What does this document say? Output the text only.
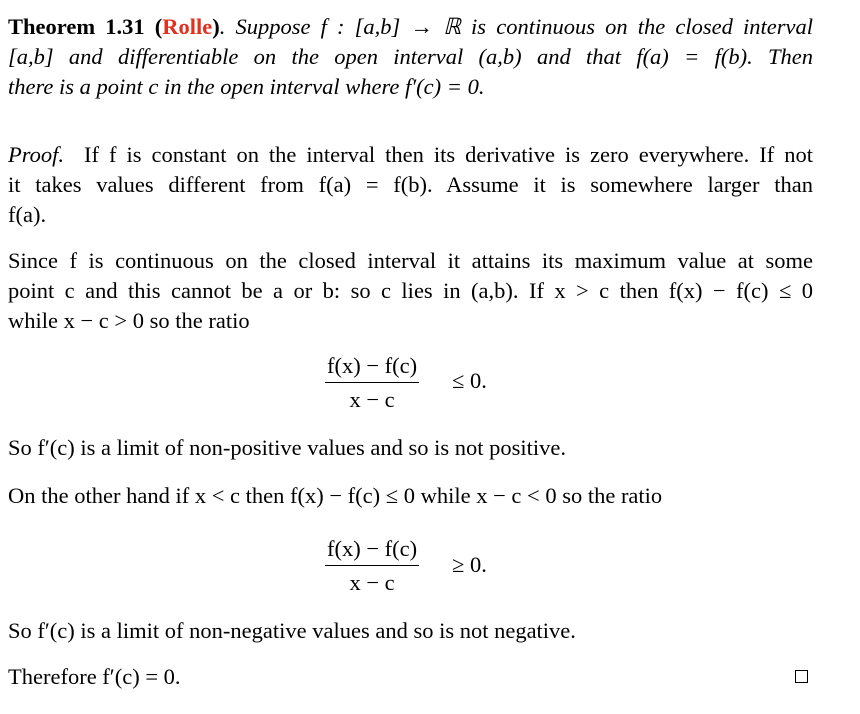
Theorem 1.31 (Rolle). Suppose f : [a,b] → ℝ is continuous on the closed interval
[a,b] and differentiable on the open interval (a,b) and that f(a) = f(b). Then
there is a point c in the open interval where f′(c) = 0.
Proof. If f is constant on the interval then its derivative is zero everywhere. If not
it takes values different from f(a) = f(b). Assume it is somewhere larger than
f(a).
Since f is continuous on the closed interval it attains its maximum value at some
point c and this cannot be a or b: so c lies in (a,b). If x > c then f(x) − f(c) ≤ 0
while x − c > 0 so the ratio
$\frac{f(x) - f(c)}{x - c} \le 0$.
So f′(c) is a limit of non-positive values and so is not positive.
On the other hand if x < c then f(x) − f(c) ≤ 0 while x − c < 0 so the ratio
$\frac{f(x) - f(c)}{x - c} \ge 0$.
So f′(c) is a limit of non-negative values and so is not negative.
Therefore f′(c) = 0.
